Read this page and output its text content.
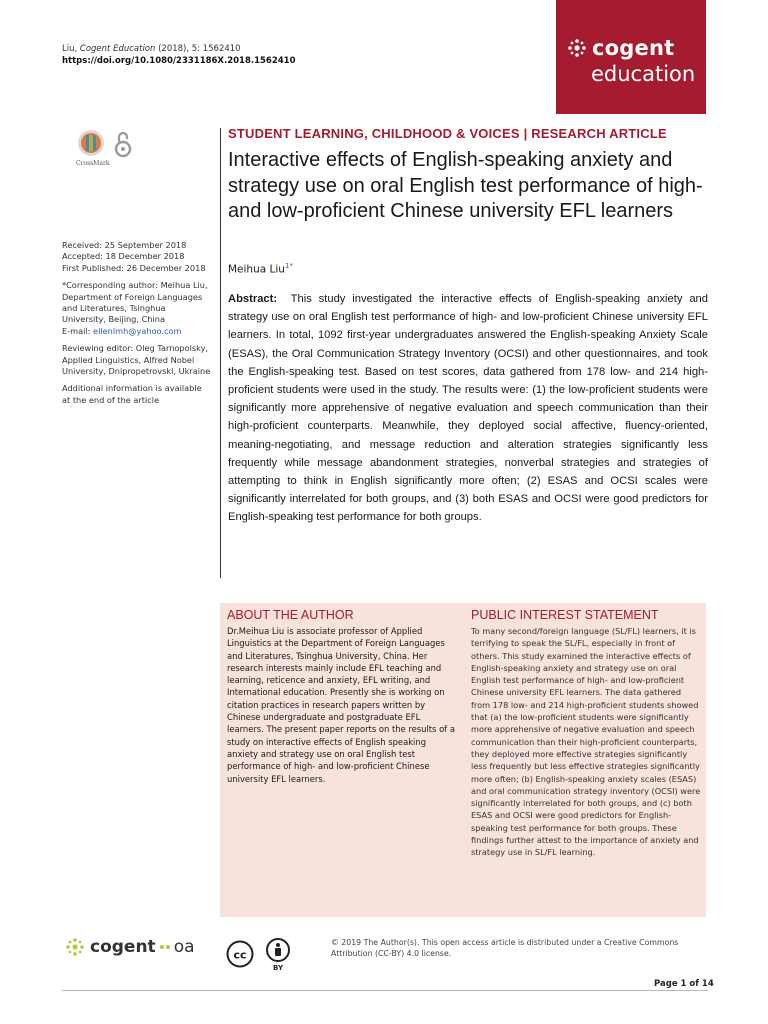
Liu, Cogent Education (2018), 5: 1562410
https://doi.org/10.1080/2331186X.2018.1562410
cogent
education
CrossMark

Received: 25 September 2018
Accepted: 18 December 2018
First Published: 26 December 2018

*Corresponding author: Meihua Liu, Department of Foreign Languages and Literatures, Tsinghua University, Beijing, China
E-mail: ellenlmh@yahoo.com

Reviewing editor: Oleg Tarnopolsky, Applied Linguistics, Alfred Nobel University, Dnipropetrovskl, Ukraine

Additional information is available at the end of the article

STUDENT LEARNING, CHILDHOOD & VOICES | RESEARCH ARTICLE
Interactive effects of English-speaking anxiety and strategy use on oral English test performance of high- and low-proficient Chinese university EFL learners
Meihua Liu$^{1*}$
Abstract: This study investigated the interactive effects of English-speaking anxiety and strategy use on oral English test performance of high- and low-proficient Chinese university EFL learners. In total, 1092 first-year undergraduates answered the English-speaking Anxiety Scale (ESAS), the Oral Communication Strategy Inventory (OCSI) and other questionnaires, and took the English-speaking test. Based on test scores, data gathered from 178 low- and 214 high-proficient students were used in the study. The results were: (1) the low-proficient students were significantly more apprehensive of negative evaluation and speech communication than their high-proficient counterparts. Meanwhile, they deployed social affective, fluency-oriented, meaning-negotiating, and message reduction and alteration strategies significantly less frequently while message abandonment strategies, nonverbal strategies and strategies of attempting to think in English significantly more often; (2) ESAS and OCSI scales were significantly interrelated for both groups, and (3) both ESAS and OCSI were good predictors for English-speaking test performance for both groups.
ABOUT THE AUTHOR
Dr.Meihua Liu is associate professor of Applied Linguistics at the Department of Foreign Languages and Literatures, Tsinghua University, China. Her research interests mainly include EFL teaching and learning, reticence and anxiety, EFL writing, and International education. Presently she is working on citation practices in research papers written by Chinese undergraduate and postgraduate EFL learners. The present paper reports on the results of a study on interactive effects of English speaking anxiety and strategy use on oral English test performance of high- and low-proficient Chinese university EFL learners.
PUBLIC INTEREST STATEMENT
To many second/foreign language (SL/FL) learners, it is terrifying to speak the SL/FL, especially in front of others. This study examined the interactive effects of English-speaking anxiety and strategy use on oral English test performance of high- and low-proficient Chinese university EFL learners. The data gathered from 178 low- and 214 high-proficient students showed that (a) the low-proficient students were significantly more apprehensive of negative evaluation and speech communication than their high-proficient counterparts, they deployed more effective strategies significantly less frequently but less effective strategies significantly more often; (b) English-speaking anxiety scales (ESAS) and oral communication strategy inventory (OCSI) were significantly interrelated for both groups, and (c) both ESAS and OCSI were good predictors for English-speaking test performance for both groups. These findings further attest to the importance of anxiety and strategy use in SL/FL learning.
cogent oa	cc
BY
© 2019 The Author(s). This open access article is distributed under a Creative Commons Attribution (CC-BY) 4.0 license.
Page 1 of 14
